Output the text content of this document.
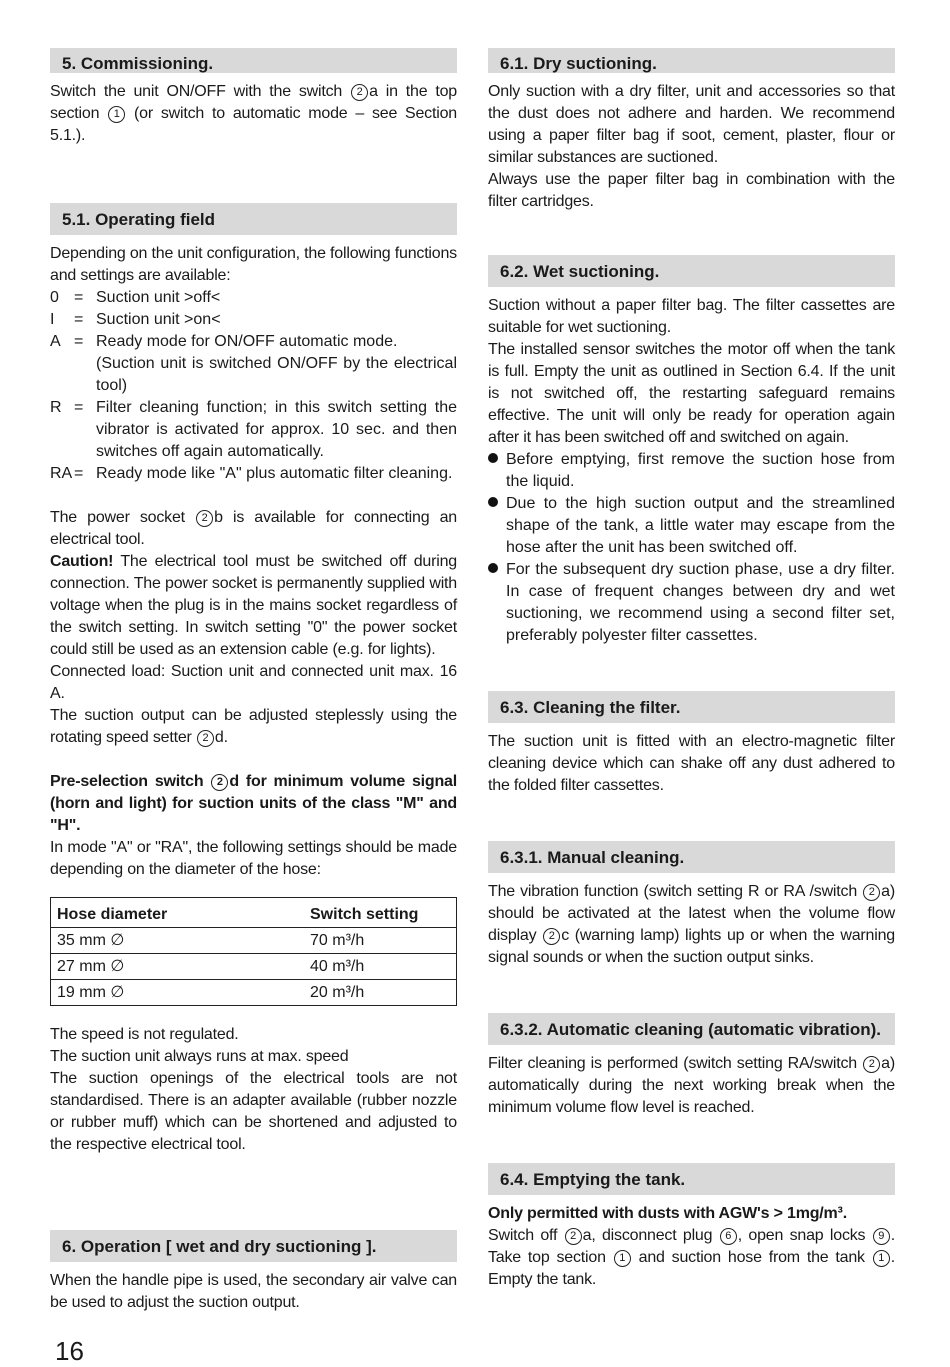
5. Commissioning.

Switch the unit ON/OFF with the switch 2 a in the top section 1 (or switch to automatic mode – see Section 5.1.).

5.1. Operating field

Depending on the unit configuration, the following functions and settings are available:

0 = Suction unit >off<
I	= Suction unit >on<
A = Ready mode for ON/OFF automatic mode.
(Suction unit is switched ON/OFF by the electrical tool)
R = Filter cleaning function; in this switch setting the vibrator is activated for approx. 10 sec. and then switches off again automatically.
RA = Ready mode like "A" plus automatic filter cleaning.

The power socket 2 b is available for connecting an electrical tool.

Caution! The electrical tool must be switched off during connection. The power socket is permanently supplied with voltage when the plug is in the mains socket regardless of the switch setting. In switch setting "0" the power socket could still be used as an extension cable (e.g. for lights).

Connected load: Suction unit and connected unit max. 16 A.

The suction output can be adjusted steplessly using the rotating speed setter 2 d.

Pre-selection switch 2 d for minimum volume signal (horn and light) for suction units of the class "M" and "H".

In mode "A" or "RA", the following settings should be made depending on the diameter of the hose:

Hose diameter	Switch setting
35 mm ∅	70 m³/h
27 mm ∅	40 m³/h
19 mm ∅	20 m³/h

The speed is not regulated.

The suction unit always runs at max. speed

The suction openings of the electrical tools are not standardised. There is an adapter available (rubber nozzle or rubber muff) which can be shortened and adjusted to the respective electrical tool.

6. Operation [ wet and dry suctioning ].

When the handle pipe is used, the secondary air valve can be used to adjust the suction output.

6.1. Dry suctioning.

Only suction with a dry filter, unit and accessories so that the dust does not adhere and harden. We recommend using a paper filter bag if soot, cement, plaster, flour or similar substances are suctioned.

Always use the paper filter bag in combination with the filter cartridges.

6.2. Wet suctioning.

Suction without a paper filter bag. The filter cassettes are suitable for wet suctioning.

The installed sensor switches the motor off when the tank is full. Empty the unit as outlined in Section 6.4. If the unit is not switched off, the restarting safeguard remains effective. The unit will only be ready for operation again after it has been switched off and switched on again.

Before emptying, first remove the suction hose from the liquid.
Due to the high suction output and the streamlined shape of the tank, a little water may escape from the hose after the unit has been switched off.
For the subsequent dry suction phase, use a dry filter. In case of frequent changes between dry and wet suctioning, we recommend using a second filter set, preferably polyester filter cassettes.
6.3. Cleaning the filter.

The suction unit is fitted with an electro-magnetic filter cleaning device which can shake off any dust adhered to the folded filter cassettes.

6.3.1. Manual cleaning.

The vibration function (switch setting R or RA /switch 2 a) should be activated at the latest when the volume flow display 2 c (warning lamp) lights up or when the warning signal sounds or when the suction output sinks.

6.3.2. Automatic cleaning (automatic vibration).

Filter cleaning is performed (switch setting RA/switch 2 a) automatically during the next working break when the minimum volume flow level is reached.

6.4. Emptying the tank.

Only permitted with dusts with AGW's > 1mg/m³.

Switch off 2 a, disconnect plug 6 , open snap locks 9 . Take top section 1 and suction hose from the tank 1 . Empty the tank.

16
